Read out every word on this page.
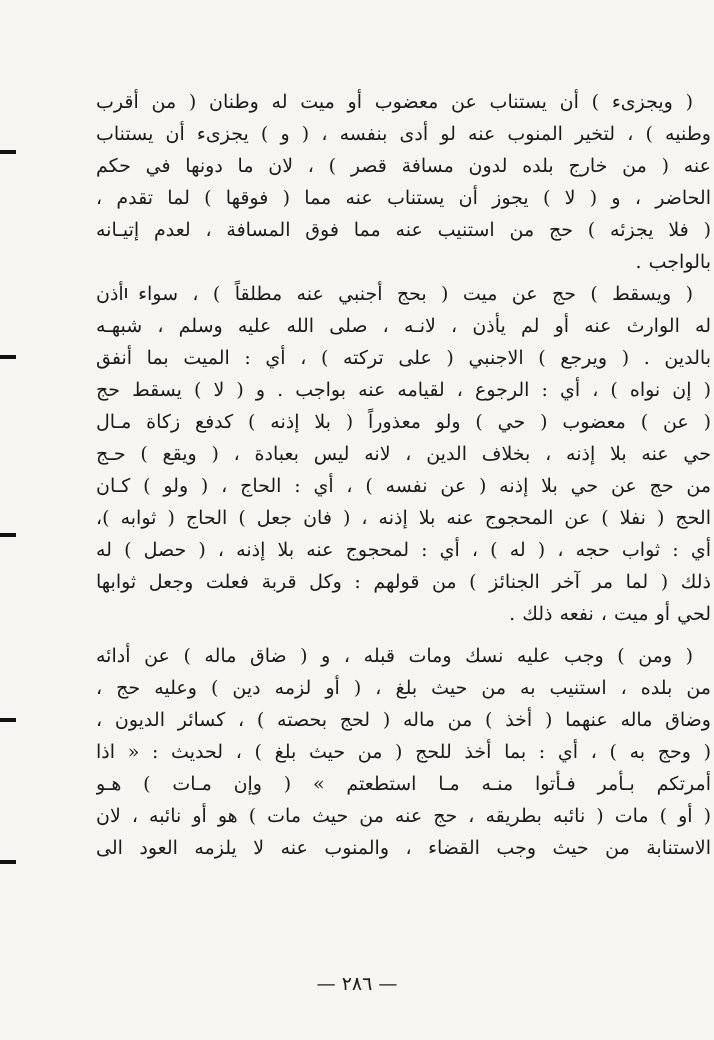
( ويجزىء ) أن يستناب عن معضوب أو ميت له وطنان ( من أقرب
وطنيه ) ، لتخير المنوب عنه لو أدى بنفسه ، ( و ) يجزىء أن يستناب
عنه ( من خارج بلده لدون مسافة قصر ) ، لان ما دونها في حكم
الحاضر ، و ( لا ) يجوز أن يستناب عنه مما ( فوقها ) لما تقدم ،
( فلا يجزئه ) حج من استنيب عنه مما فوق المسافة ، لعدم إتيـانه
بالواجب .
( ويسقط ) حج عن ميت ( بحج أجنبي عنه مطلقاً ) ، سواء أذن
له الوارث عنه أو لم يأذن ، لانـه ، صلى الله عليه وسلم ، شبهـه
بالدين . ( ويرجع ) الاجنبي ( على تركته ) ، أي : الميت بما أنفق
( إن نواه ) ، أي : الرجوع ، لقيامه عنه بواجب . و ( لا ) يسقط حج
( عن ) معضوب ( حي ) ولو معذوراً ( بلا إذنه ) كدفع زكاة مـال
حي عنه بلا إذنه ، بخلاف الدين ، لانه ليس بعبادة ، ( ويقع ) حـج
من حج عن حي بلا إذنه ( عن نفسه ) ، أي : الحاج ، ( ولو ) كـان
الحج ( نفلا ) عن المحجوج عنه بلا إذنه ، ( فان جعل ) الحاج ( ثوابه )،
أي : ثواب حجه ، ( له ) ، أي : لمحجوج عنه بلا إذنه ، ( حصل ) له
ذلك ( لما مر آخر الجنائز ) من قولهم : وكل قربة فعلت وجعل ثوابها
لحي أو ميت ، نفعه ذلك .
( ومن ) وجب عليه نسك ومات قبله ، و ( ضاق ماله ) عن أدائه
من بلده ، استنيب به من حيث بلغ ، ( أو لزمه دين ) وعليه حج ،
وضاق ماله عنهما ( أخذ ) من ماله ( لحج بحصته ) ، كسائر الديون ،
( وحج به ) ، أي : بما أخذ للحج ( من حيث بلغ ) ، لحديث : « اذا
أمرتكم بـأمر فـأتوا منـه مـا استطعتم » ( وإن مـات ) هـو
( أو ) مات ( نائبه بطريقه ، حج عنه من حيث مات ) هو أو نائبه ، لان
الاستنابة من حيث وجب القضاء ، والمنوب عنه لا يلزمه العود الى
— ٢٨٦ —
